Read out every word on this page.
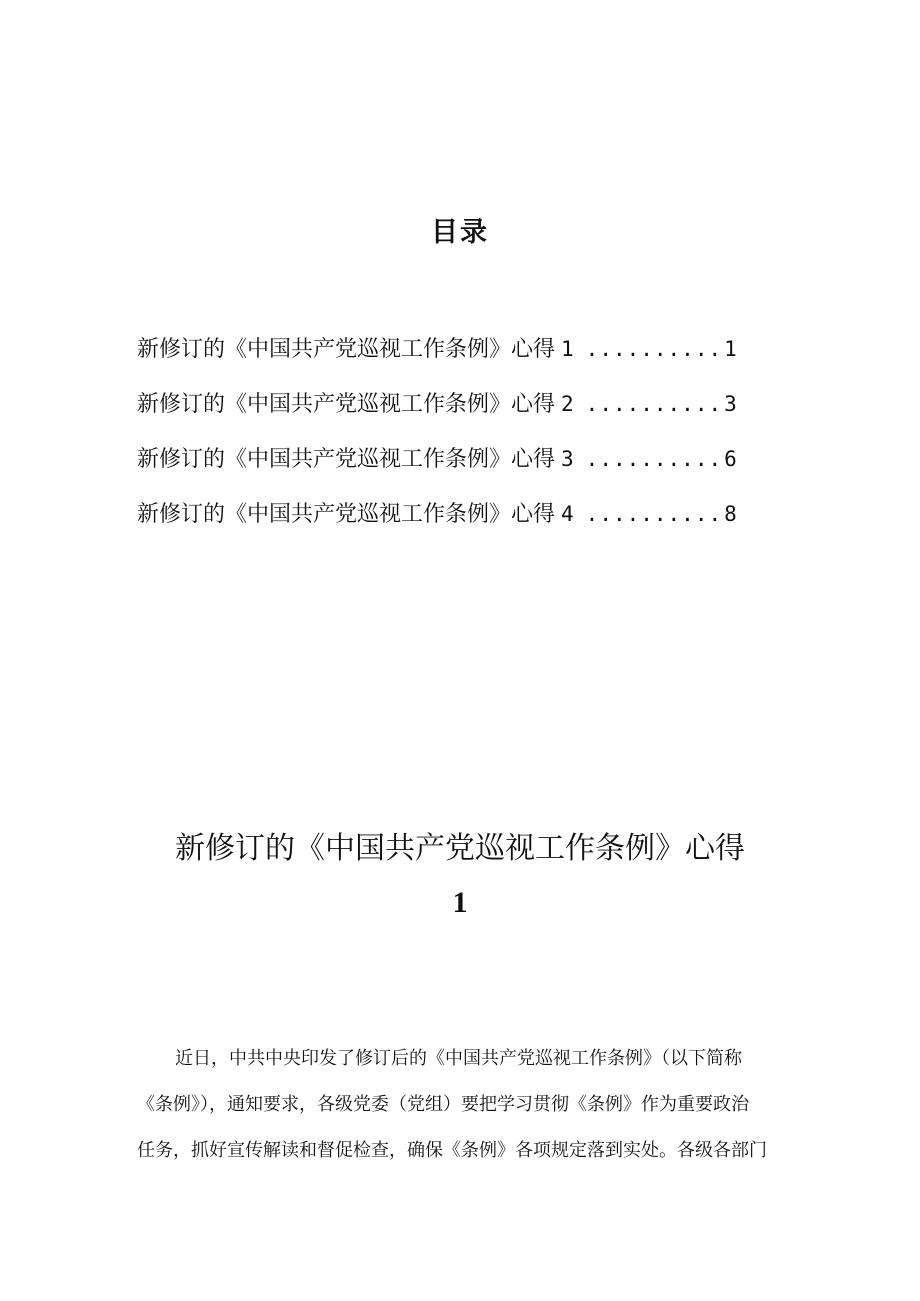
目录
新修订的《中国共产党巡视工作条例》心得 1 .......... 1
新修订的《中国共产党巡视工作条例》心得 2 .......... 3
新修订的《中国共产党巡视工作条例》心得 3 .......... 6
新修订的《中国共产党巡视工作条例》心得 4 .......... 8
新修订的《中国共产党巡视工作条例》心得
1
近日，中共中央印发了修订后的《中国共产党巡视工作条例》（以下简称
《条例》），通知要求，各级党委（党组）要把学习贯彻《条例》作为重要政治
任务，抓好宣传解读和督促检查，确保《条例》各项规定落到实处。各级各部门
